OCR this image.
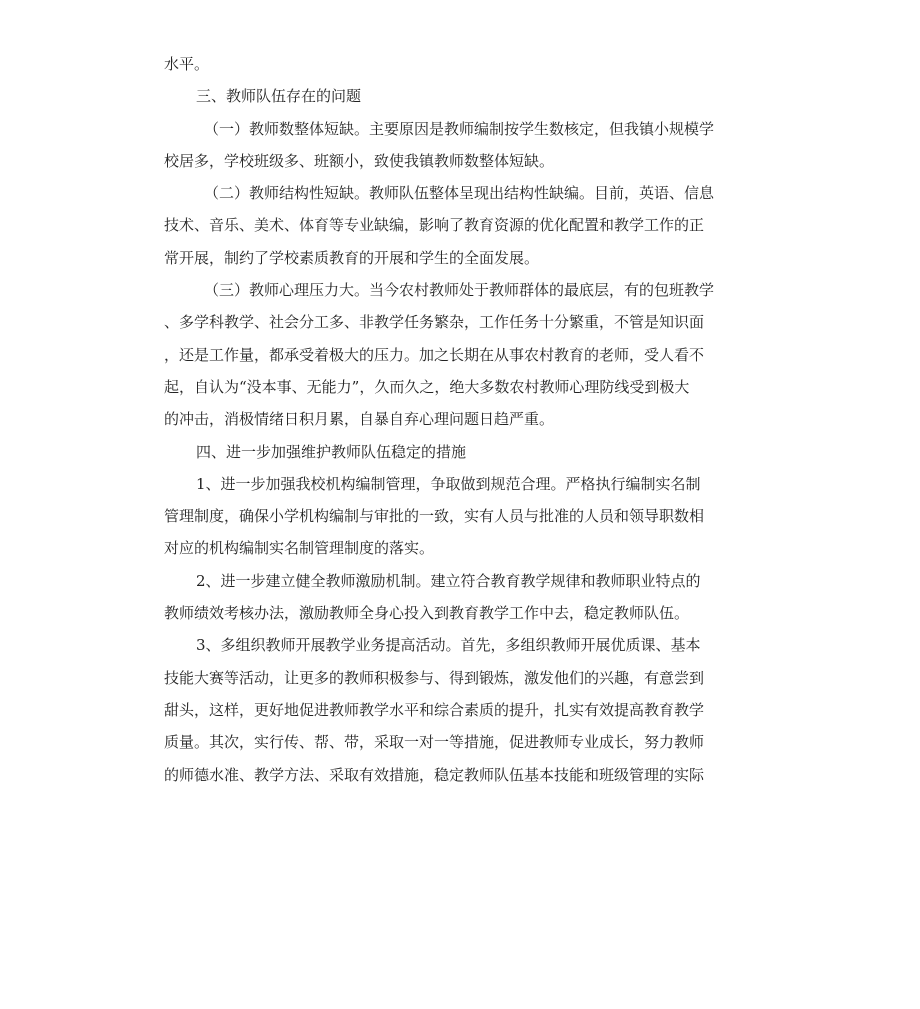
水平。
三、教师队伍存在的问题
（一）教师数整体短缺。主要原因是教师编制按学生数核定，但我镇小规模学
校居多，学校班级多、班额小，致使我镇教师数整体短缺。
（二）教师结构性短缺。教师队伍整体呈现出结构性缺编。目前，英语、信息
技术、音乐、美术、体育等专业缺编，影响了教育资源的优化配置和教学工作的正
常开展，制约了学校素质教育的开展和学生的全面发展。
（三）教师心理压力大。当今农村教师处于教师群体的最底层，有的包班教学
、多学科教学、社会分工多、非教学任务繁杂，工作任务十分繁重，不管是知识面
，还是工作量，都承受着极大的压力。加之长期在从事农村教育的老师，受人看不
起，自认为“没本事、无能力”，久而久之，绝大多数农村教师心理防线受到极大
的冲击，消极情绪日积月累，自暴自弃心理问题日趋严重。
四、进一步加强维护教师队伍稳定的措施
1、进一步加强我校机构编制管理，争取做到规范合理。严格执行编制实名制
管理制度，确保小学机构编制与审批的一致，实有人员与批准的人员和领导职数相
对应的机构编制实名制管理制度的落实。
2、进一步建立健全教师激励机制。建立符合教育教学规律和教师职业特点的
教师绩效考核办法，激励教师全身心投入到教育教学工作中去，稳定教师队伍。
3、多组织教师开展教学业务提高活动。首先，多组织教师开展优质课、基本
技能大赛等活动，让更多的教师积极参与、得到锻炼，激发他们的兴趣，有意尝到
甜头，这样，更好地促进教师教学水平和综合素质的提升，扎实有效提高教育教学
质量。其次，实行传、帮、带，采取一对一等措施，促进教师专业成长，努力教师
的师德水准、教学方法、采取有效措施，稳定教师队伍基本技能和班级管理的实际
